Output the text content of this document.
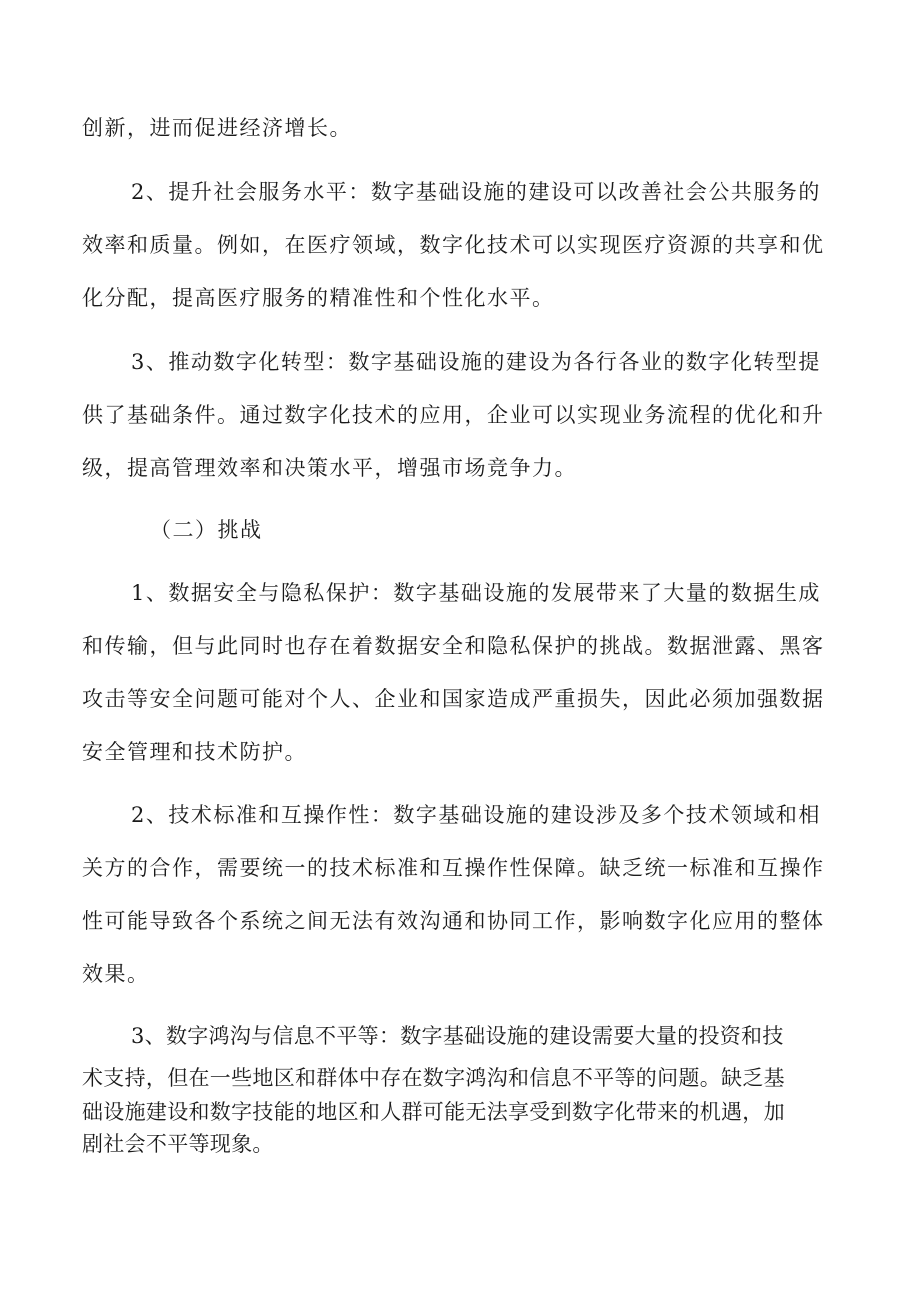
创新，进而促进经济增长。
2、提升社会服务水平：数字基础设施的建设可以改善社会公共服务的
效率和质量。例如，在医疗领域，数字化技术可以实现医疗资源的共享和优
化分配，提高医疗服务的精准性和个性化水平。
3、推动数字化转型：数字基础设施的建设为各行各业的数字化转型提
供了基础条件。通过数字化技术的应用，企业可以实现业务流程的优化和升
级，提高管理效率和决策水平，增强市场竞争力。
（二）挑战
1、数据安全与隐私保护：数字基础设施的发展带来了大量的数据生成
和传输，但与此同时也存在着数据安全和隐私保护的挑战。数据泄露、黑客
攻击等安全问题可能对个人、企业和国家造成严重损失，因此必须加强数据
安全管理和技术防护。
2、技术标准和互操作性：数字基础设施的建设涉及多个技术领域和相
关方的合作，需要统一的技术标准和互操作性保障。缺乏统一标准和互操作
性可能导致各个系统之间无法有效沟通和协同工作，影响数字化应用的整体
效果。
3、数字鸿沟与信息不平等：数字基础设施的建设需要大量的投资和技
术支持，但在一些地区和群体中存在数字鸿沟和信息不平等的问题。缺乏基
础设施建设和数字技能的地区和人群可能无法享受到数字化带来的机遇，加
剧社会不平等现象。
